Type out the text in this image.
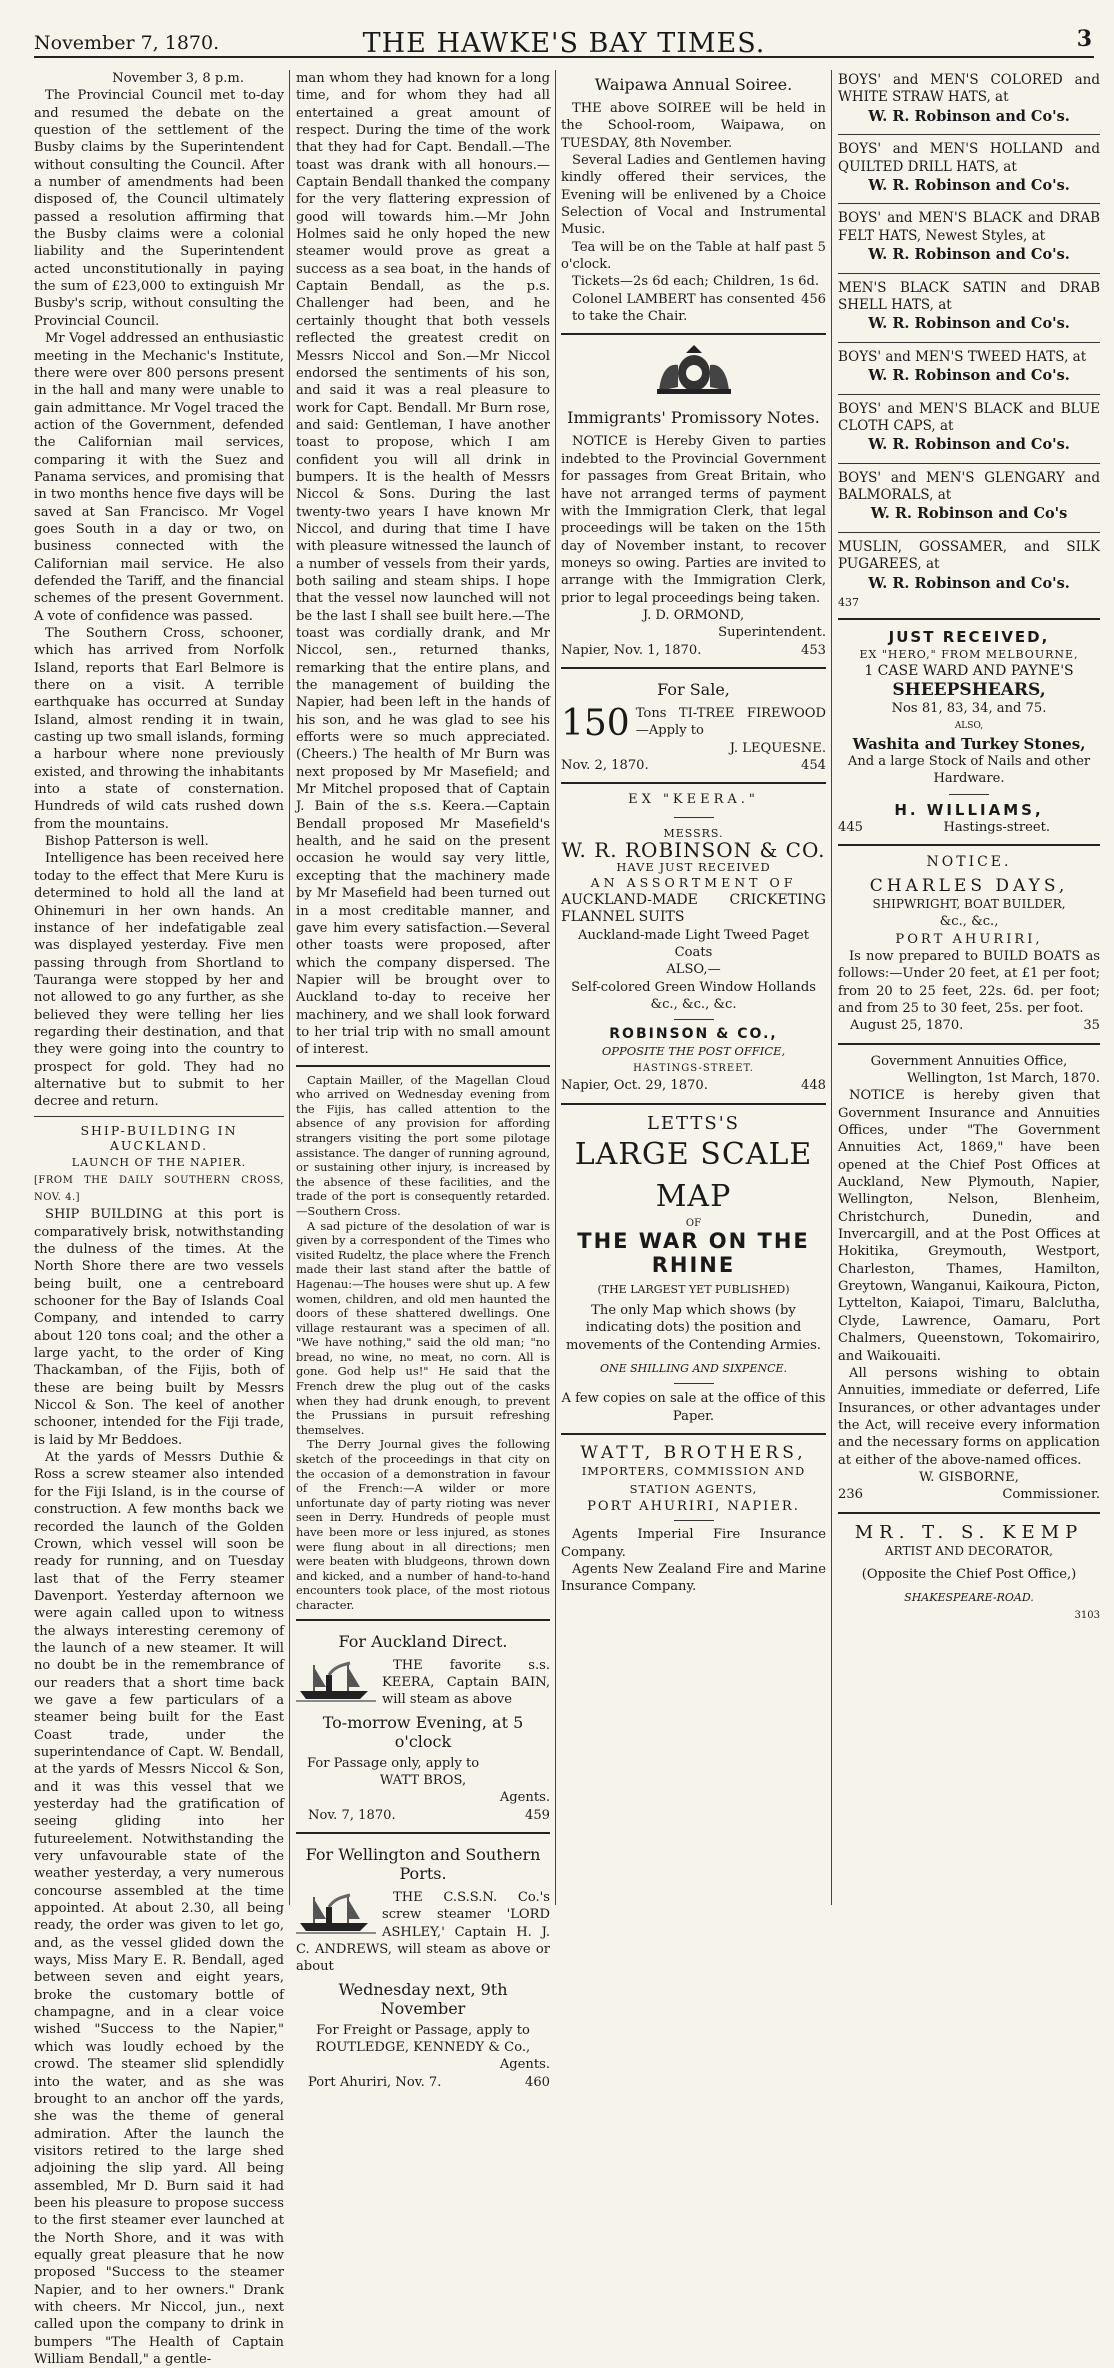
November 7, 1870.	THE HAWKE'S BAY TIMES.	3

November 3, 8 p.m.

The Provincial Council met to-day and resumed the debate on the question of the settlement of the Busby claims by the Superintendent without consulting the Council. After a number of amendments had been disposed of, the Council ultimately passed a resolution affirming that the Busby claims were a colonial liability and the Superintendent acted unconstitutionally in paying the sum of £23,000 to extinguish Mr Busby's scrip, without consulting the Provincial Council.

Mr Vogel addressed an enthusiastic meeting in the Mechanic's Institute, there were over 800 persons present in the hall and many were unable to gain admittance. Mr Vogel traced the action of the Government, defended the Californian mail services, comparing it with the Suez and Panama services, and promising that in two months hence five days will be saved at San Francisco. Mr Vogel goes South in a day or two, on business connected with the Californian mail service. He also defended the Tariff, and the financial schemes of the present Government. A vote of confidence was passed.

The Southern Cross, schooner, which has arrived from Norfolk Island, reports that Earl Belmore is there on a visit. A terrible earthquake has occurred at Sunday Island, almost rending it in twain, casting up two small islands, forming a harbour where none previously existed, and throwing the inhabitants into a state of consternation. Hundreds of wild cats rushed down from the mountains.

Bishop Patterson is well.

Intelligence has been received here today to the effect that Mere Kuru is determined to hold all the land at Ohinemuri in her own hands. An instance of her indefatigable zeal was displayed yesterday. Five men passing through from Shortland to Tauranga were stopped by her and not allowed to go any further, as she believed they were telling her lies regarding their destination, and that they were going into the country to prospect for gold. They had no alternative but to submit to her decree and return.

SHIP-BUILDING IN AUCKLAND.
LAUNCH OF THE NAPIER.

[FROM THE DAILY SOUTHERN CROSS, NOV. 4.]

SHIP BUILDING at this port is comparatively brisk, notwithstanding the dulness of the times. At the North Shore there are two vessels being built, one a centreboard schooner for the Bay of Islands Coal Company, and intended to carry about 120 tons coal; and the other a large yacht, to the order of King Thackamban, of the Fijis, both of these are being built by Messrs Niccol & Son. The keel of another schooner, intended for the Fiji trade, is laid by Mr Beddoes.

At the yards of Messrs Duthie & Ross a screw steamer also intended for the Fiji Island, is in the course of construction. A few months back we recorded the launch of the Golden Crown, which vessel will soon be ready for running, and on Tuesday last that of the Ferry steamer Davenport. Yesterday afternoon we were again called upon to witness the always interesting ceremony of the launch of a new steamer. It will no doubt be in the remembrance of our readers that a short time back we gave a few particulars of a steamer being built for the East Coast trade, under the superintendance of Capt. W. Bendall, at the yards of Messrs Niccol & Son, and it was this vessel that we yesterday had the gratification of seeing gliding into her futureelement. Notwithstanding the very unfavourable state of the weather yesterday, a very numerous concourse assembled at the time appointed. At about 2.30, all being ready, the order was given to let go, and, as the vessel glided down the ways, Miss Mary E. R. Bendall, aged between seven and eight years, broke the customary bottle of champagne, and in a clear voice wished "Success to the Napier," which was loudly echoed by the crowd. The steamer slid splendidly into the water, and as she was brought to an anchor off the yards, she was the theme of general admiration. After the launch the visitors retired to the large shed adjoining the slip yard. All being assembled, Mr D. Burn said it had been his pleasure to propose success to the first steamer ever launched at the North Shore, and it was with equally great pleasure that he now proposed "Success to the steamer Napier, and to her owners." Drank with cheers. Mr Niccol, jun., next called upon the company to drink in bumpers "The Health of Captain William Bendall," a gentle-

man whom they had known for a long time, and for whom they had all entertained a great amount of respect. During the time of the work that they had for Capt. Bendall.—The toast was drank with all honours.—Captain Bendall thanked the company for the very flattering expression of good will towards him.—Mr John Holmes said he only hoped the new steamer would prove as great a success as a sea boat, in the hands of Captain Bendall, as the p.s. Challenger had been, and he certainly thought that both vessels reflected the greatest credit on Messrs Niccol and Son.—Mr Niccol endorsed the sentiments of his son, and said it was a real pleasure to work for Capt. Bendall. Mr Burn rose, and said: Gentleman, I have another toast to propose, which I am confident you will all drink in bumpers. It is the health of Messrs Niccol & Sons. During the last twenty-two years I have known Mr Niccol, and during that time I have with pleasure witnessed the launch of a number of vessels from their yards, both sailing and steam ships. I hope that the vessel now launched will not be the last I shall see built here.—The toast was cordially drank, and Mr Niccol, sen., returned thanks, remarking that the entire plans, and the management of building the Napier, had been left in the hands of his son, and he was glad to see his efforts were so much appreciated. (Cheers.) The health of Mr Burn was next proposed by Mr Masefield; and Mr Mitchel proposed that of Captain J. Bain of the s.s. Keera.—Captain Bendall proposed Mr Masefield's health, and he said on the present occasion he would say very little, excepting that the machinery made by Mr Masefield had been turned out in a most creditable manner, and gave him every satisfaction.—Several other toasts were proposed, after which the company dispersed. The Napier will be brought over to Auckland to-day to receive her machinery, and we shall look forward to her trial trip with no small amount of interest.

Captain Mailler, of the Magellan Cloud who arrived on Wednesday evening from the Fijis, has called attention to the absence of any provision for affording strangers visiting the port some pilotage assistance. The danger of running aground, or sustaining other injury, is increased by the absence of these facilities, and the trade of the port is consequently retarded.—Southern Cross.

A sad picture of the desolation of war is given by a correspondent of the Times who visited Rudeltz, the place where the French made their last stand after the battle of Hagenau:—The houses were shut up. A few women, children, and old men haunted the doors of these shattered dwellings. One village restaurant was a specimen of all. "We have nothing," said the old man; "no bread, no wine, no meat, no corn. All is gone. God help us!" He said that the French drew the plug out of the casks when they had drunk enough, to prevent the Prussians in pursuit refreshing themselves.

The Derry Journal gives the following sketch of the proceedings in that city on the occasion of a demonstration in favour of the French:—A wilder or more unfortunate day of party rioting was never seen in Derry. Hundreds of people must have been more or less injured, as stones were flung about in all directions; men were beaten with bludgeons, thrown down and kicked, and a number of hand-to-hand encounters took place, of the most riotous character.

For Auckland Direct.

THE favorite s.s. KEERA, Captain BAIN, will steam as above

To-morrow Evening, at 5 o'clock

For Passage only, apply to

WATT BROS,

Agents.

Nov. 7, 1870.	459
For Wellington and Southern Ports.

THE C.S.S.N. Co.'s screw steamer 'LORD ASHLEY,' Captain H. J. C. ANDREWS, will steam as above or about

Wednesday next, 9th November

For Freight or Passage, apply to

ROUTLEDGE, KENNEDY & Co.,

Agents.

Port Ahuriri, Nov. 7.	460
Waipawa Annual Soiree.

THE above SOIREE will be held in the School-room, Waipawa, on TUESDAY, 8th November.

Several Ladies and Gentlemen having kindly offered their services, the Evening will be enlivened by a Choice Selection of Vocal and Instrumental Music.

Tea will be on the Table at half past 5 o'clock.

Tickets—2s 6d each; Children, 1s 6d.

Colonel LAMBERT has consented to take the Chair.
456
Immigrants' Promissory Notes.

NOTICE is Hereby Given to parties indebted to the Provincial Government for passages from Great Britain, who have not arranged terms of payment with the Immigration Clerk, that legal proceedings will be taken on the 15th day of November instant, to recover moneys so owing. Parties are invited to arrange with the Immigration Clerk, prior to legal proceedings being taken.

J. D. ORMOND,

Superintendent.

Napier, Nov. 1, 1870.	453
For Sale,
150 Tons TI-TREE FIREWOOD —Apply to

J. LEQUESNE.

Nov. 2, 1870.	454
EX "KEERA."
MESSRS.
W. R. ROBINSON & CO.
HAVE JUST RECEIVED
AN ASSORTMENT OF

AUCKLAND-MADE CRICKETING FLANNEL SUITS

Auckland-made Light Tweed Paget Coats

ALSO,—

Self-colored Green Window Hollands

&c., &c., &c.

ROBINSON & CO.,

OPPOSITE THE POST OFFICE,

HASTINGS-STREET.

Napier, Oct. 29, 1870.	448
LETTS'S
LARGE SCALE MAP
OF
THE WAR ON THE RHINE

(THE LARGEST YET PUBLISHED)

The only Map which shows (by indicating dots) the position and movements of the Contending Armies.

ONE SHILLING AND SIXPENCE.

A few copies on sale at the office of this Paper.

WATT, BROTHERS,

IMPORTERS, COMMISSION AND STATION AGENTS,

PORT AHURIRI, NAPIER.

Agents Imperial Fire Insurance Company.

Agents New Zealand Fire and Marine Insurance Company.

BOYS' and MEN'S COLORED and WHITE STRAW HATS, at

W. R. Robinson and Co's.

BOYS' and MEN'S HOLLAND and QUILTED DRILL HATS, at

W. R. Robinson and Co's.

BOYS' and MEN'S BLACK and DRAB FELT HATS, Newest Styles, at

W. R. Robinson and Co's.

MEN'S BLACK SATIN and DRAB SHELL HATS, at

W. R. Robinson and Co's.

BOYS' and MEN'S TWEED HATS, at

W. R. Robinson and Co's.

BOYS' and MEN'S BLACK and BLUE CLOTH CAPS, at

W. R. Robinson and Co's.

BOYS' and MEN'S GLENGARY and BALMORALS, at

W. R. Robinson and Co's

MUSLIN, GOSSAMER, and SILK PUGAREES, at

W. R. Robinson and Co's.

437

JUST RECEIVED,

EX "HERO," FROM MELBOURNE,

1 CASE WARD AND PAYNE'S

SHEEPSHEARS,

Nos 81, 83, 34, and 75.

ALSO,

Washita and Turkey Stones,

And a large Stock of Nails and other Hardware.

H. WILLIAMS,
445	Hastings-street.
NOTICE.
CHARLES DAYS,

SHIPWRIGHT, BOAT BUILDER,

&c., &c.,

PORT AHURIRI,

Is now prepared to BUILD BOATS as follows:—Under 20 feet, at £1 per foot; from 20 to 25 feet, 22s. 6d. per foot; and from 25 to 30 feet, 25s. per foot.

August 25, 1870.	35

Government Annuities Office,

Wellington, 1st March, 1870.

NOTICE is hereby given that Government Insurance and Annuities Offices, under "The Government Annuities Act, 1869," have been opened at the Chief Post Offices at Auckland, New Plymouth, Napier, Wellington, Nelson, Blenheim, Christchurch, Dunedin, and Invercargill, and at the Post Offices at Hokitika, Greymouth, Westport, Charleston, Thames, Hamilton, Greytown, Wanganui, Kaikoura, Picton, Lyttelton, Kaiapoi, Timaru, Balclutha, Clyde, Lawrence, Oamaru, Port Chalmers, Queenstown, Tokomairiro, and Waikouaiti.

All persons wishing to obtain Annuities, immediate or deferred, Life Insurances, or other advantages under the Act, will receive every information and the necessary forms on application at either of the above-named offices.

W. GISBORNE,

236	Commissioner.
MR. T. S. KEMP

ARTIST AND DECORATOR,

(Opposite the Chief Post Office,)

SHAKESPEARE-ROAD.

3103
